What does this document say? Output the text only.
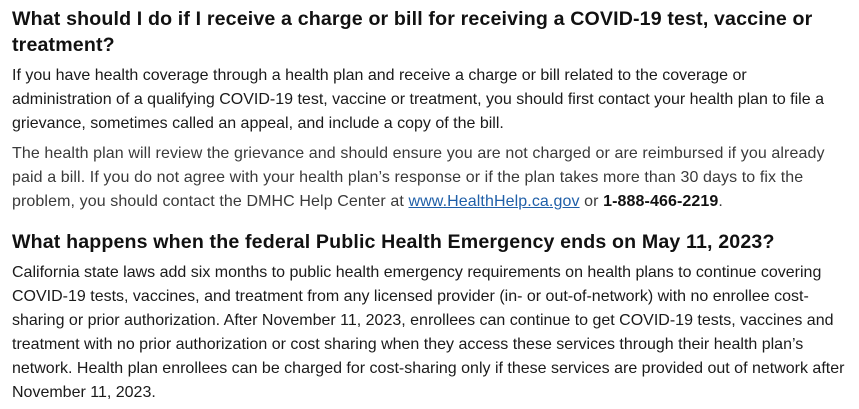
What should I do if I receive a charge or bill for receiving a COVID-19 test, vaccine or treatment?

If you have health coverage through a health plan and receive a charge or bill related to the coverage or administration of a qualifying COVID-19 test, vaccine or treatment, you should first contact your health plan to file a grievance, sometimes called an appeal, and include a copy of the bill.

The health plan will review the grievance and should ensure you are not charged or are reimbursed if you already paid a bill. If you do not agree with your health plan’s response or if the plan takes more than 30 days to fix the problem, you should contact the DMHC Help Center at www.HealthHelp.ca.gov or 1-888-466-2219.

What happens when the federal Public Health Emergency ends on May 11, 2023?

California state laws add six months to public health emergency requirements on health plans to continue covering COVID-19 tests, vaccines, and treatment from any licensed provider (in- or out-of-network) with no enrollee cost-sharing or prior authorization. After November 11, 2023, enrollees can continue to get COVID-19 tests, vaccines and treatment with no prior authorization or cost sharing when they access these services through their health plan’s network. Health plan enrollees can be charged for cost-sharing only if these services are provided out of network after November 11, 2023.
